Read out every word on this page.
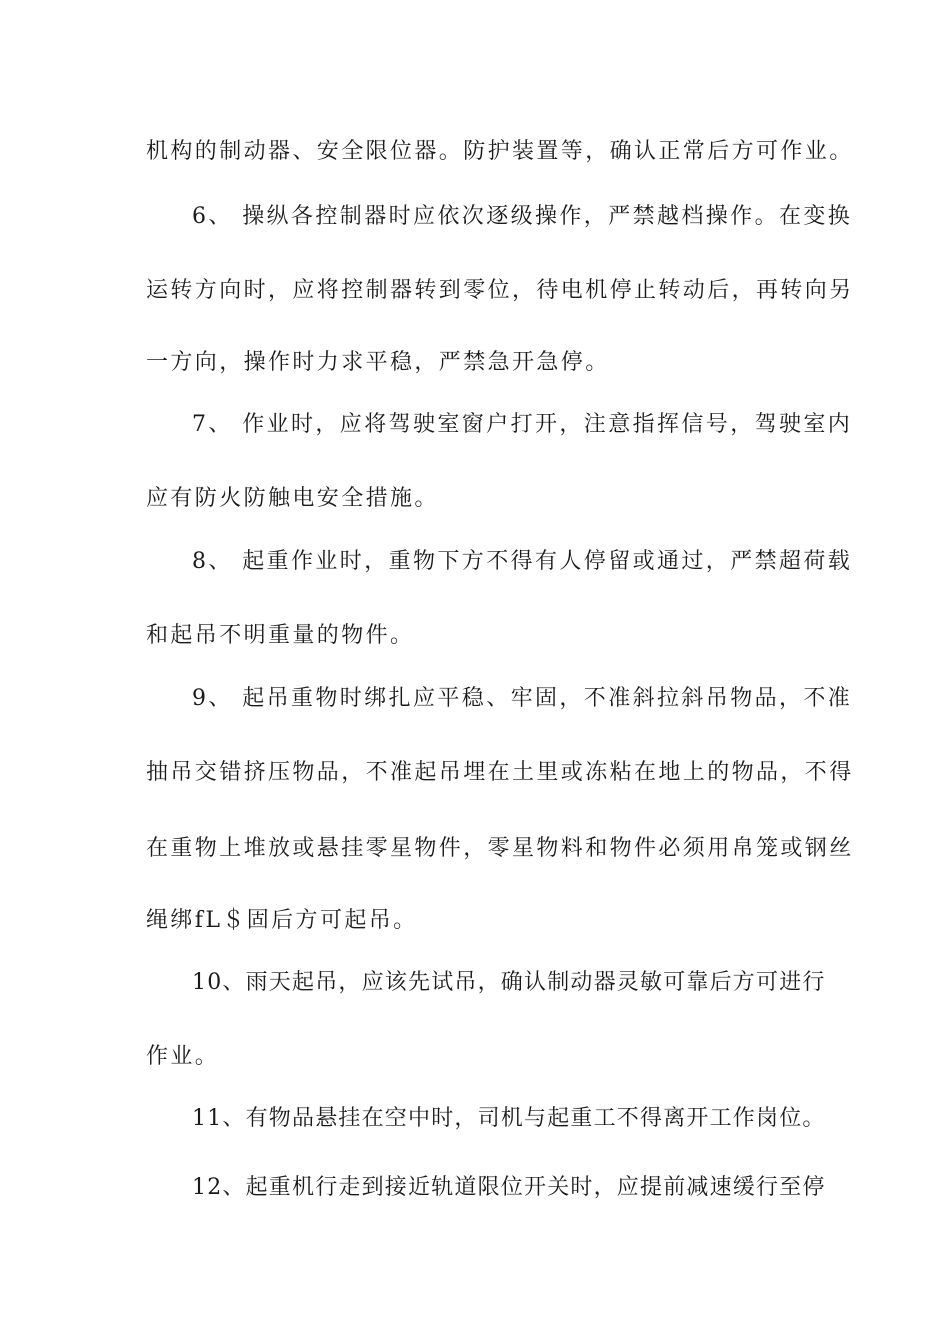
机构的制动器、安全限位器。防护装置等，确认正常后方可作业。
6、 操纵各控制器时应依次逐级操作，严禁越档操作。在变换
运转方向时，应将控制器转到零位，待电机停止转动后，再转向另
一方向，操作时力求平稳，严禁急开急停。
7、 作业时，应将驾驶室窗户打开，注意指挥信号，驾驶室内
应有防火防触电安全措施。
8、 起重作业时，重物下方不得有人停留或通过，严禁超荷载
和起吊不明重量的物件。
9、 起吊重物时绑扎应平稳、牢固，不准斜拉斜吊物品，不准
抽吊交错挤压物品，不准起吊埋在土里或冻粘在地上的物品，不得
在重物上堆放或悬挂零星物件，零星物料和物件必须用帛笼或钢丝
绳绑fL＄固后方可起吊。
10、雨天起吊，应该先试吊，确认制动器灵敏可靠后方可进行
作业。
11、有物品悬挂在空中时，司机与起重工不得离开工作岗位。
12、起重机行走到接近轨道限位开关时，应提前减速缓行至停
